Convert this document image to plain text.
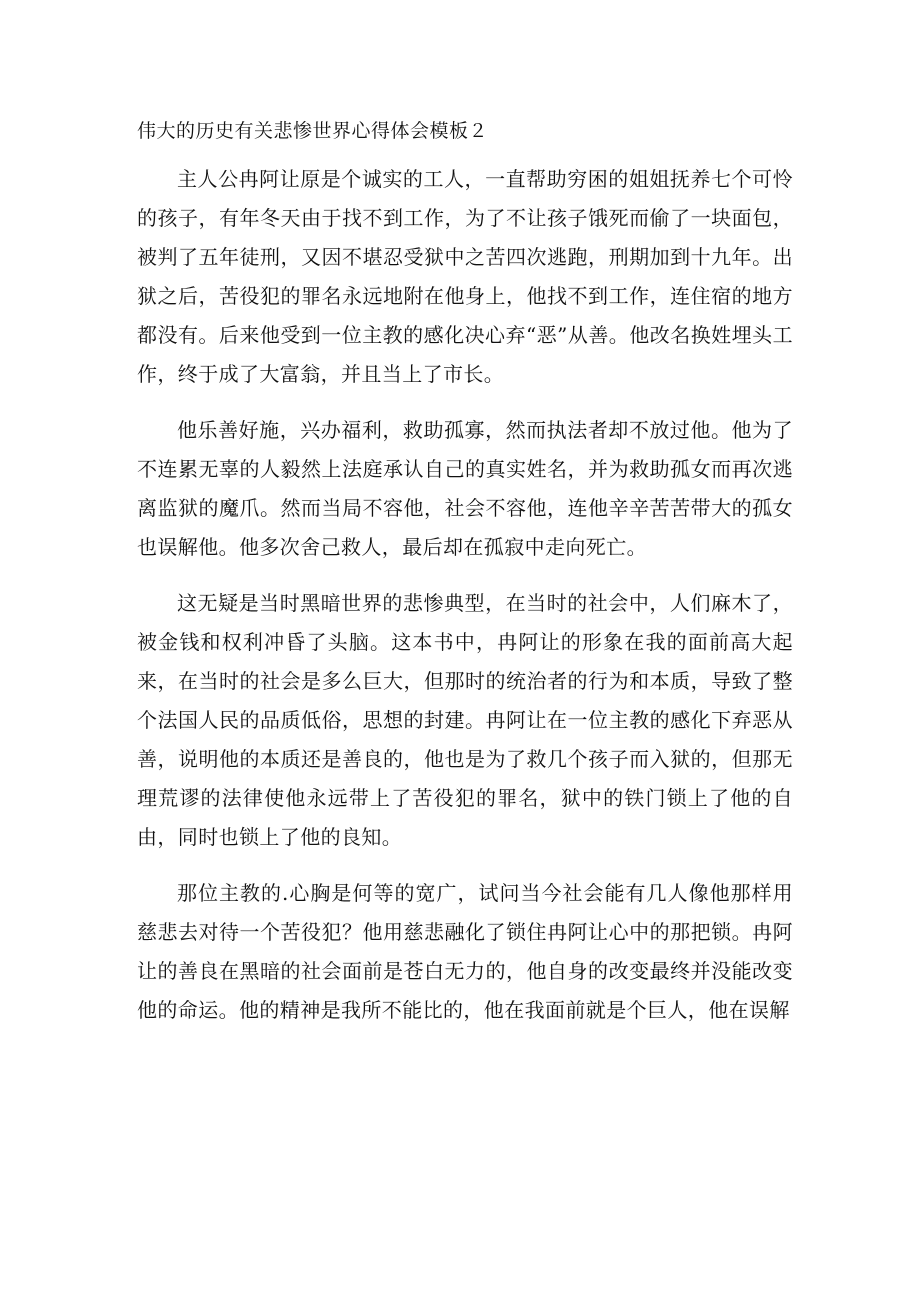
伟大的历史有关悲惨世界心得体会模板２

主人公冉阿让原是个诚实的工人，一直帮助穷困的姐姐抚养七个可怜的孩子，有年冬天由于找不到工作，为了不让孩子饿死而偷了一块面包，被判了五年徒刑，又因不堪忍受狱中之苦四次逃跑，刑期加到十九年。出狱之后，苦役犯的罪名永远地附在他身上，他找不到工作，连住宿的地方都没有。后来他受到一位主教的感化决心弃“恶”从善。他改名换姓埋头工作，终于成了大富翁，并且当上了市长。

他乐善好施，兴办福利，救助孤寡，然而执法者却不放过他。他为了不连累无辜的人毅然上法庭承认自己的真实姓名，并为救助孤女而再次逃离监狱的魔爪。然而当局不容他，社会不容他，连他辛辛苦苦带大的孤女也误解他。他多次舍己救人，最后却在孤寂中走向死亡。

这无疑是当时黑暗世界的悲惨典型，在当时的社会中，人们麻木了，被金钱和权利冲昏了头脑。这本书中，冉阿让的形象在我的面前高大起来，在当时的社会是多么巨大，但那时的统治者的行为和本质，导致了整个法国人民的品质低俗，思想的封建。冉阿让在一位主教的感化下弃恶从善，说明他的本质还是善良的，他也是为了救几个孩子而入狱的，但那无理荒谬的法律使他永远带上了苦役犯的罪名，狱中的铁门锁上了他的自由，同时也锁上了他的良知。

那位主教的.心胸是何等的宽广，试问当今社会能有几人像他那样用慈悲去对待一个苦役犯？他用慈悲融化了锁住冉阿让心中的那把锁。冉阿让的善良在黑暗的社会面前是苍白无力的，他自身的改变最终并没能改变他的命运。他的精神是我所不能比的，他在我面前就是个巨人，他在误解
